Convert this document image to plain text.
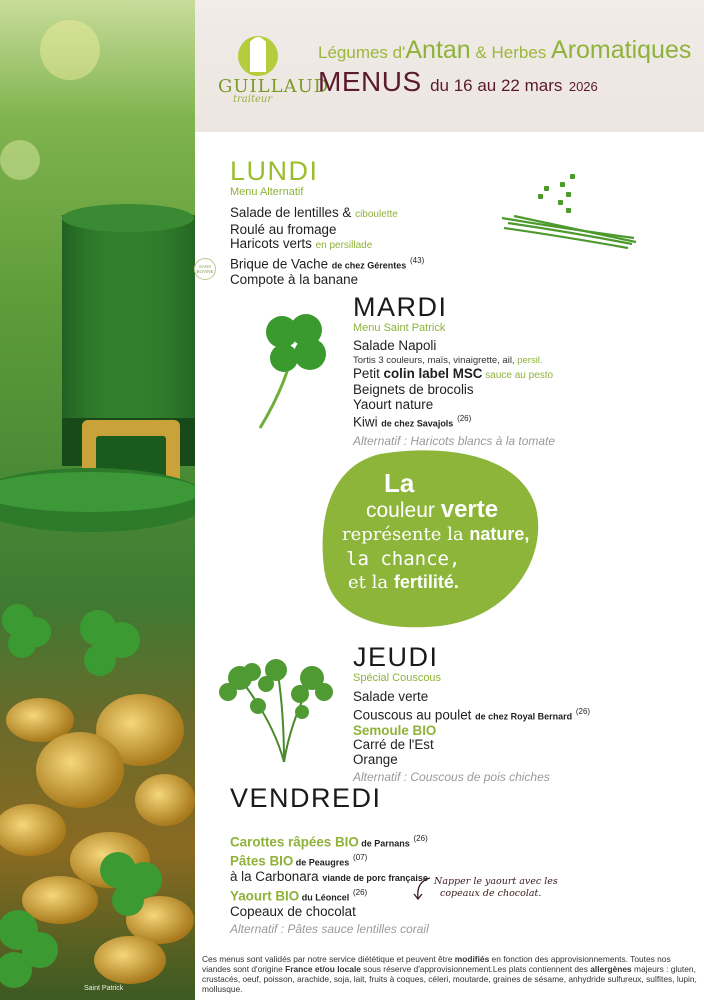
Saint Patrick
GUILLAUD
traiteur
Légumes d'Antan & Herbes Aromatiques
MENUS du 16 au 22 mars 2026
LUNDI
Menu Alternatif
Salade de lentilles & ciboulette
Roulé au fromage
Haricots verts en persillade
Brique de Vache de chez Gérentes $^{(43)}$
Compote à la banane
SANS BOVINE
MARDI
Menu Saint Patrick
Salade Napoli
Tortis 3 couleurs, maïs, vinaigrette, ail, persil.
Petit colin label MSC sauce au pesto
Beignets de brocolis
Yaourt nature
Kiwi de chez Savajols $^{(26)}$
Alternatif : Haricots blancs à la tomate
La
couleur verte
représente la nature,
la chance,
et la fertilité.
JEUDI
Spécial Couscous
Salade verte
Couscous au poulet de chez Royal Bernard $^{(26)}$
Semoule BIO
Carré de l'Est
Orange
Alternatif : Couscous de pois chiches
VENDREDI
Carottes râpées BIO de Parnans $^{(26)}$
Pâtes BIO de Peaugres $^{(07)}$
à la Carbonara viande de porc française
Yaourt BIO du Léoncel $^{(26)}$
Copeaux de chocolat
Alternatif : Pâtes sauce lentilles corail
Napper le yaourt avec les
copeaux de chocolat.
Ces menus sont validés par notre service diététique et peuvent être modifiés en fonction des approvisionnements. Toutes nos viandes sont d'origine France et/ou locale sous réserve d'approvisionnement.Les plats contiennent des allergènes majeurs : gluten, crustacés, oeuf, poisson, arachide, soja, lait, fruits à coques, céleri, moutarde, graines de sésame, anhydride sulfureux, sulfites, lupin, mollusque.
